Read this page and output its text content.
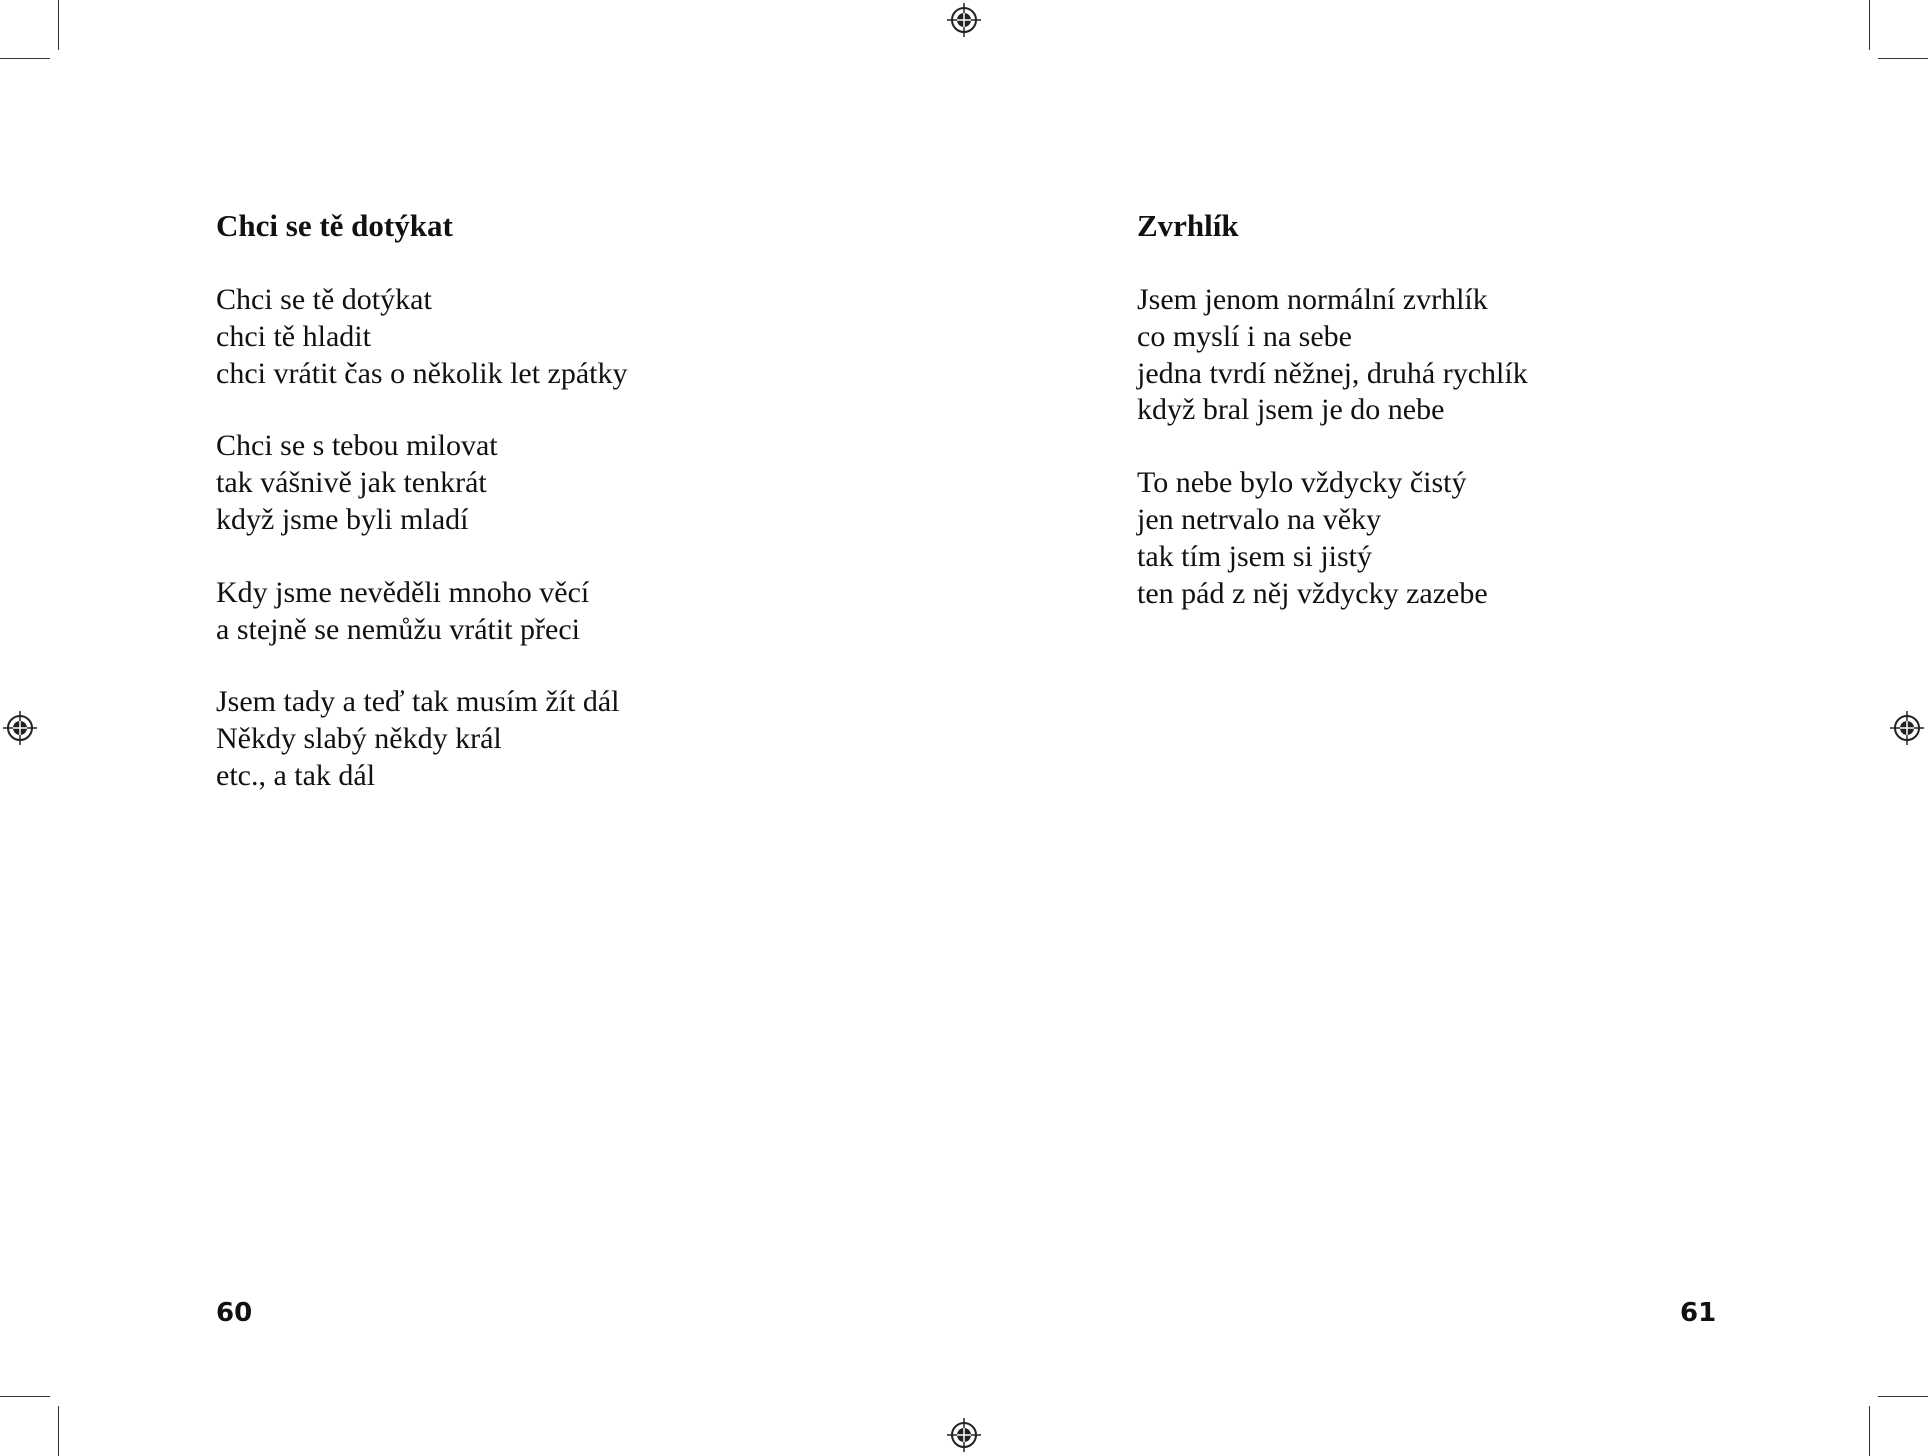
Chci se tě dotýkat
Chci se tě dotýkat
chci tě hladit
chci vrátit čas o několik let zpátky
Chci se s tebou milovat
tak vášnivě jak tenkrát
když jsme byli mladí
Kdy jsme nevěděli mnoho věcí
a stejně se nemůžu vrátit přeci
Jsem tady a teď tak musím žít dál
Někdy slabý někdy král
etc., a tak dál
60
Zvrhlík
Jsem jenom normální zvrhlík
co myslí i na sebe
jedna tvrdí něžnej, druhá rychlík
když bral jsem je do nebe
To nebe bylo vždycky čistý
jen netrvalo na věky
tak tím jsem si jistý
ten pád z něj vždycky zazebe
61
